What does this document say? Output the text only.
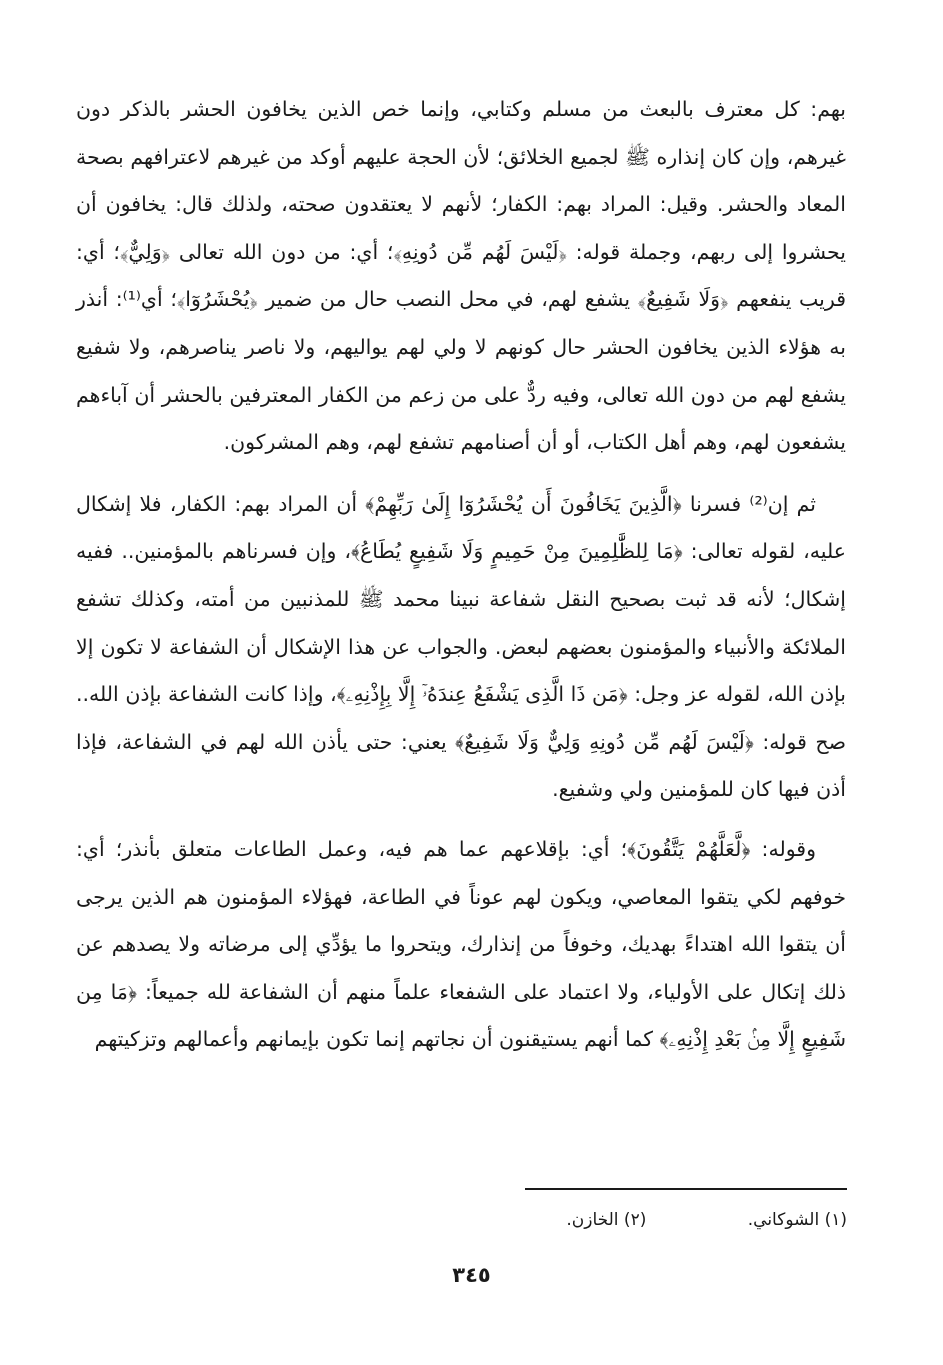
بهم: كل معترف بالبعث من مسلم وكتابي، وإنما خص الذين يخافون الحشر بالذكر دون غيرهم، وإن كان إنذاره ﷺ لجميع الخلائق؛ لأن الحجة عليهم أوكد من غيرهم لاعترافهم بصحة المعاد والحشر. وقيل: المراد بهم: الكفار؛ لأنهم لا يعتقدون صحته، ولذلك قال: يخافون أن يحشروا إلى ربهم، وجملة قوله: ﴿لَيْسَ لَهُم مِّن دُونِهِ﴾؛ أي: من دون الله تعالى ﴿وَلِيٌّ﴾؛ أي: قريب ينفعهم ﴿وَلَا شَفِيعٌ﴾ يشفع لهم، في محل النصب حال من ضمير ﴿يُحْشَرُوٓا﴾؛ أي⁽¹⁾: أنذر به هؤلاء الذين يخافون الحشر حال كونهم لا ولي لهم يواليهم، ولا ناصر يناصرهم، ولا شفيع يشفع لهم من دون الله تعالى، وفيه ردٌّ على من زعم من الكفار المعترفين بالحشر أن آباءهم يشفعون لهم، وهم أهل الكتاب، أو أن أصنامهم تشفع لهم، وهم المشركون.

ثم إن⁽²⁾ فسرنا ﴿الَّذِينَ يَخَافُونَ أَن يُحْشَرُوٓا إِلَىٰ رَبِّهِمْ﴾ أن المراد بهم: الكفار، فلا إشكال عليه، لقوله تعالى: ﴿مَا لِلظَّٰلِمِينَ مِنْ حَمِيمٍ وَلَا شَفِيعٍ يُطَاعُ﴾، وإن فسرناهم بالمؤمنين.. ففيه إشكال؛ لأنه قد ثبت بصحيح النقل شفاعة نبينا محمد ﷺ للمذنبين من أمته، وكذلك تشفع الملائكة والأنبياء والمؤمنون بعضهم لبعض. والجواب عن هذا الإشكال أن الشفاعة لا تكون إلا بإذن الله، لقوله عز وجل: ﴿مَن ذَا الَّذِى يَشْفَعُ عِندَهُۥٓ إِلَّا بِإِذْنِهِۦ﴾، وإذا كانت الشفاعة بإذن الله.. صح قوله: ﴿لَيْسَ لَهُم مِّن دُونِهِ وَلِيٌّ وَلَا شَفِيعٌ﴾ يعني: حتى يأذن الله لهم في الشفاعة، فإذا أذن فيها كان للمؤمنين ولي وشفيع.

وقوله: ﴿لَّعَلَّهُمْ يَتَّقُونَ﴾؛ أي: بإقلاعهم عما هم فيه، وعمل الطاعات متعلق بأنذر؛ أي: خوفهم لكي يتقوا المعاصي، ويكون لهم عوناً في الطاعة، فهؤلاء المؤمنون هم الذين يرجى أن يتقوا الله اهتداءً بهديك، وخوفاً من إنذارك، ويتحروا ما يؤدِّي إلى مرضاته ولا يصدهم عن ذلك إتكال على الأولياء، ولا اعتماد على الشفعاء علماً منهم أن الشفاعة لله جميعاً: ﴿مَا مِن شَفِيعٍ إِلَّا مِنۢ بَعْدِ إِذْنِهِۦ﴾ كما أنهم يستيقنون أن نجاتهم إنما تكون بإيمانهم وأعمالهم وتزكيتهم

(١) الشوكاني. (٢) الخازن.
٣٤٥
